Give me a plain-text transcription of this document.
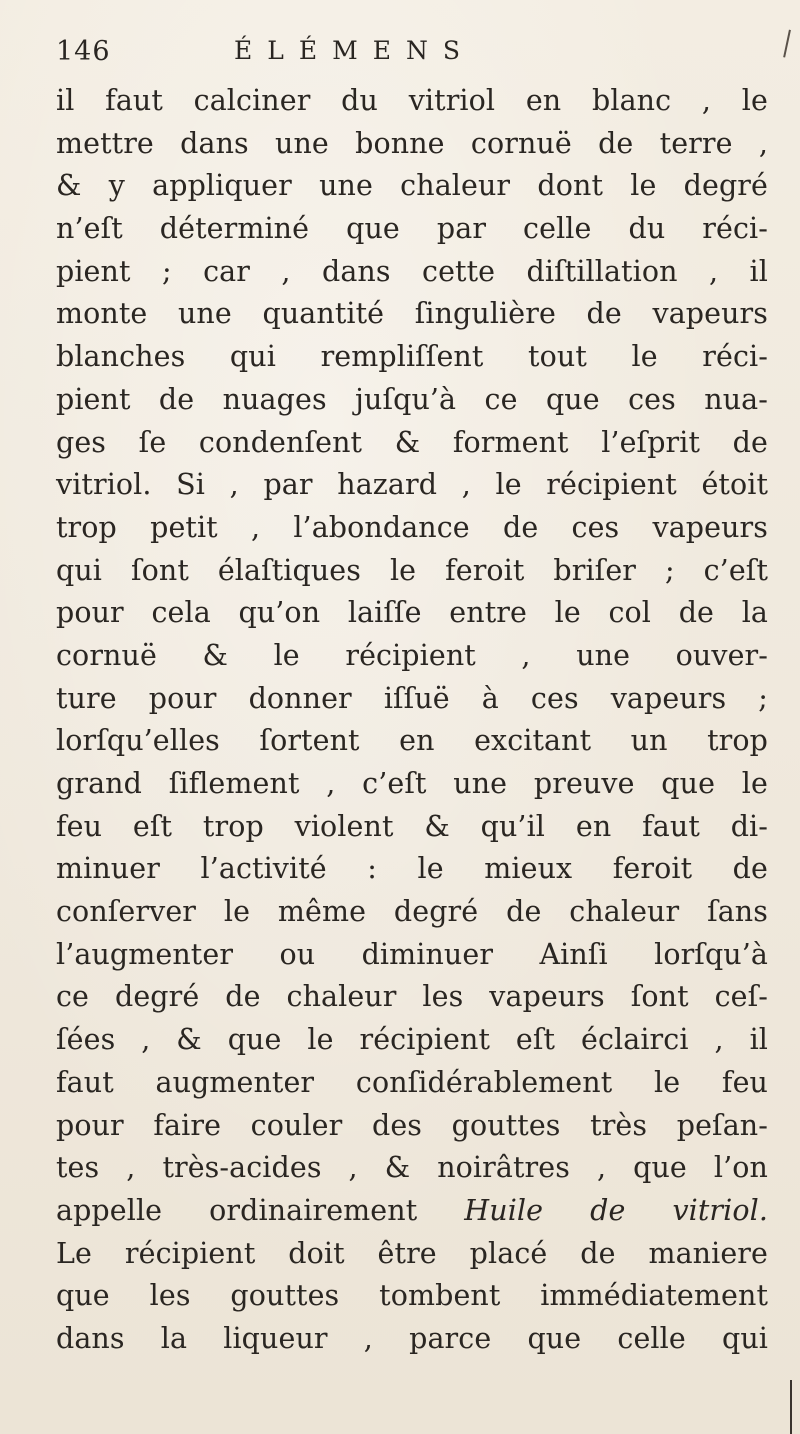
146	ÉLÉMENS
il faut calciner du vitriol en blanc , le
mettre dans une bonne cornuë de terre ,
& y appliquer une chaleur dont le degré
n’eſt déterminé que par celle du réci-
pient ; car , dans cette diſtillation , il
monte une quantité ſingulière de vapeurs
blanches qui rempliſſent tout le réci-
pient de nuages juſqu’à ce que ces nua-
ges ſe condenſent & forment l’eſprit de
vitriol. Si , par hazard , le récipient étoit
trop petit , l’abondance de ces vapeurs
qui ſont élaſtiques le feroit briſer ; c’eſt
pour cela qu’on laiſſe entre le col de la
cornuë & le récipient , une ouver-
ture pour donner iſſuë à ces vapeurs ;
lorſqu’elles ſortent en excitant un trop
grand ſiflement , c’eſt une preuve que le
feu eſt trop violent & qu’il en faut di-
minuer l’activité : le mieux feroit de
conſerver le même degré de chaleur ſans
l’augmenter ou diminuer Ainſi lorſqu’à
ce degré de chaleur les vapeurs ſont ceſ-
ſées , & que le récipient eſt éclairci , il
faut augmenter conſidérablement le feu
pour faire couler des gouttes très peſan-
tes , très-acides , & noirâtres , que l’on
appelle ordinairement Huile de vitriol.
Le récipient doit être placé de maniere
que les gouttes tombent immédiatement
dans la liqueur , parce que celle qui
